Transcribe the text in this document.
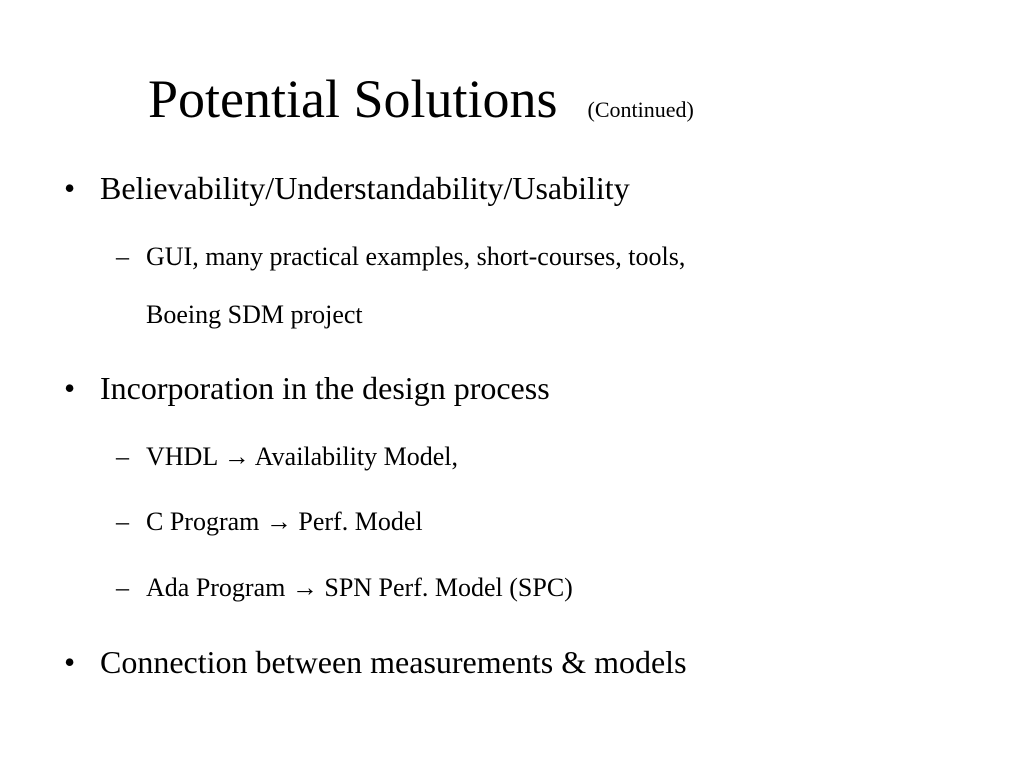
Potential Solutions (Continued)
• Believability/Understandability/Usability
– GUI, many practical examples, short-courses, tools,
Boeing SDM project
• Incorporation in the design process
– VHDL → Availability Model,
– C Program → Perf. Model
– Ada Program → SPN Perf. Model (SPC)
• Connection between measurements & models
